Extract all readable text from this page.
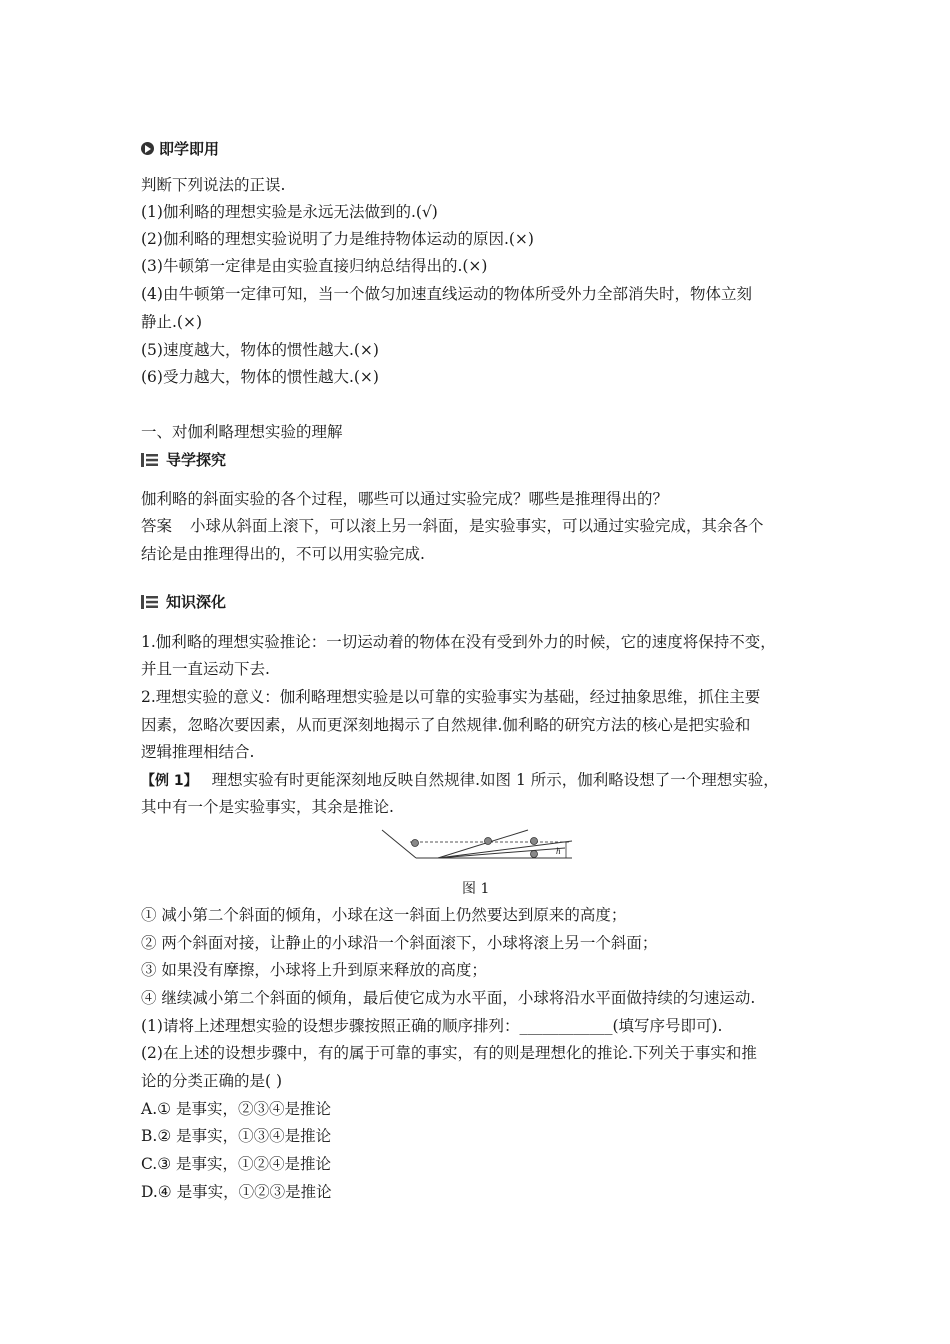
即学即用
判断下列说法的正误.
(1)伽利略的理想实验是永远无法做到的.(√)
(2)伽利略的理想实验说明了力是维持物体运动的原因.(×)
(3)牛顿第一定律是由实验直接归纳总结得出的.(×)
(4)由牛顿第一定律可知，当一个做匀加速直线运动的物体所受外力全部消失时，物体立刻
静止.(×)
(5)速度越大，物体的惯性越大.(×)
(6)受力越大，物体的惯性越大.(×)
一、对伽利略理想实验的理解
导学探究
伽利略的斜面实验的各个过程，哪些可以通过实验完成？哪些是推理得出的？
答案 小球从斜面上滚下，可以滚上另一斜面，是实验事实，可以通过实验完成，其余各个
结论是由推理得出的，不可以用实验完成.
知识深化
1.伽利略的理想实验推论：一切运动着的物体在没有受到外力的时候，它的速度将保持不变，
并且一直运动下去.
2.理想实验的意义：伽利略理想实验是以可靠的实验事实为基础，经过抽象思维，抓住主要
因素，忽略次要因素，从而更深刻地揭示了自然规律.伽利略的研究方法的核心是把实验和
逻辑推理相结合.
【例 1】 理想实验有时更能深刻地反映自然规律.如图 1 所示，伽利略设想了一个理想实验，
其中有一个是实验事实，其余是推论.
h
图 1
① 减小第二个斜面的倾角，小球在这一斜面上仍然要达到原来的高度；
② 两个斜面对接，让静止的小球沿一个斜面滚下，小球将滚上另一个斜面；
③ 如果没有摩擦，小球将上升到原来释放的高度；
④ 继续减小第二个斜面的倾角，最后使它成为水平面，小球将沿水平面做持续的匀速运动.
(1)请将上述理想实验的设想步骤按照正确的顺序排列：____________(填写序号即可).
(2)在上述的设想步骤中，有的属于可靠的事实，有的则是理想化的推论.下列关于事实和推
论的分类正确的是( )
A.① 是事实，②③④是推论
B.② 是事实，①③④是推论
C.③ 是事实，①②④是推论
D.④ 是事实，①②③是推论
